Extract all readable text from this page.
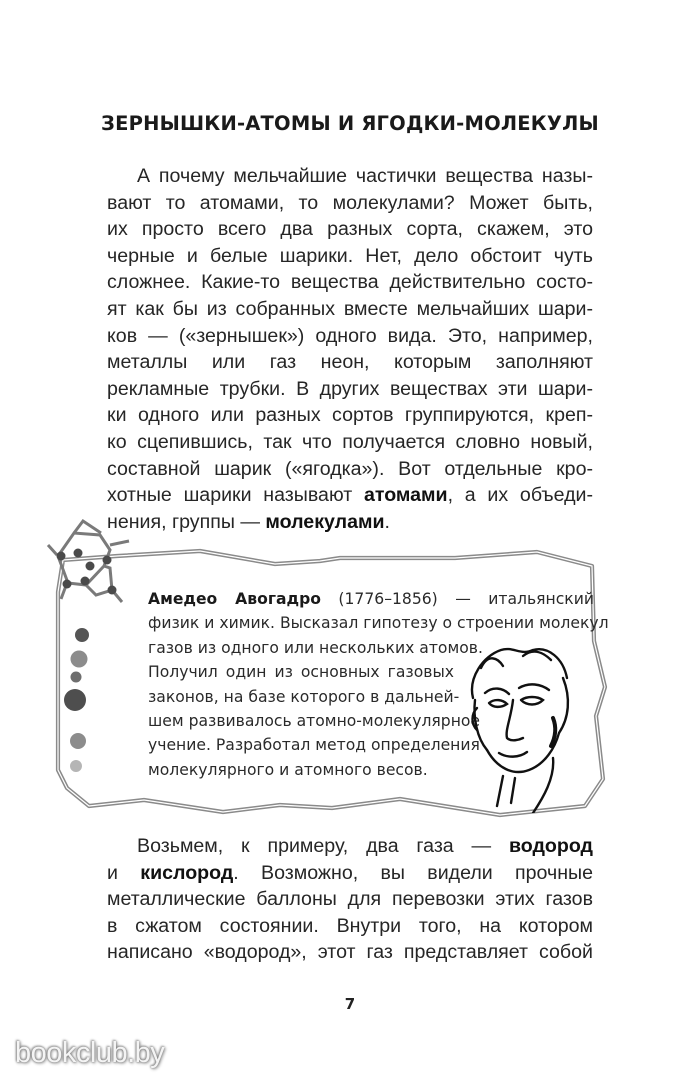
ЗЕРНЫШКИ-АТОМЫ И ЯГОДКИ-МОЛЕКУЛЫ
А почему мельчайшие частички вещества назы-
вают то атомами, то молекулами? Может быть,
их просто всего два разных сорта, скажем, это
черные и белые шарики. Нет, дело обстоит чуть
сложнее. Какие-то вещества действительно состо-
ят как бы из собранных вместе мельчайших шари-
ков — («зернышек») одного вида. Это, например,
металлы или газ неон, которым заполняют
рекламные трубки. В других веществах эти шари-
ки одного или разных сортов группируются, креп-
ко сцепившись, так что получается словно новый,
составной шарик («ягодка»). Вот отдельные кро-
хотные шарики называют атомами, а их объеди-
нения, группы — молекулами.
Амедео Авогадро (1776–1856) — итальянский
физик и химик. Высказал гипотезу о строении молекул
газов из одного или нескольких атомов.
Получил один из основных газовых
законов, на базе которого в дальней-
шем развивалось атомно-молекулярное
учение. Разработал метод определения
молекулярного и атомного весов.
Возьмем, к примеру, два газа — водород
и кислород. Возможно, вы видели прочные
металлические баллоны для перевозки этих газов
в сжатом состоянии. Внутри того, на котором
написано «водород», этот газ представляет собой
7
bookclub.by
